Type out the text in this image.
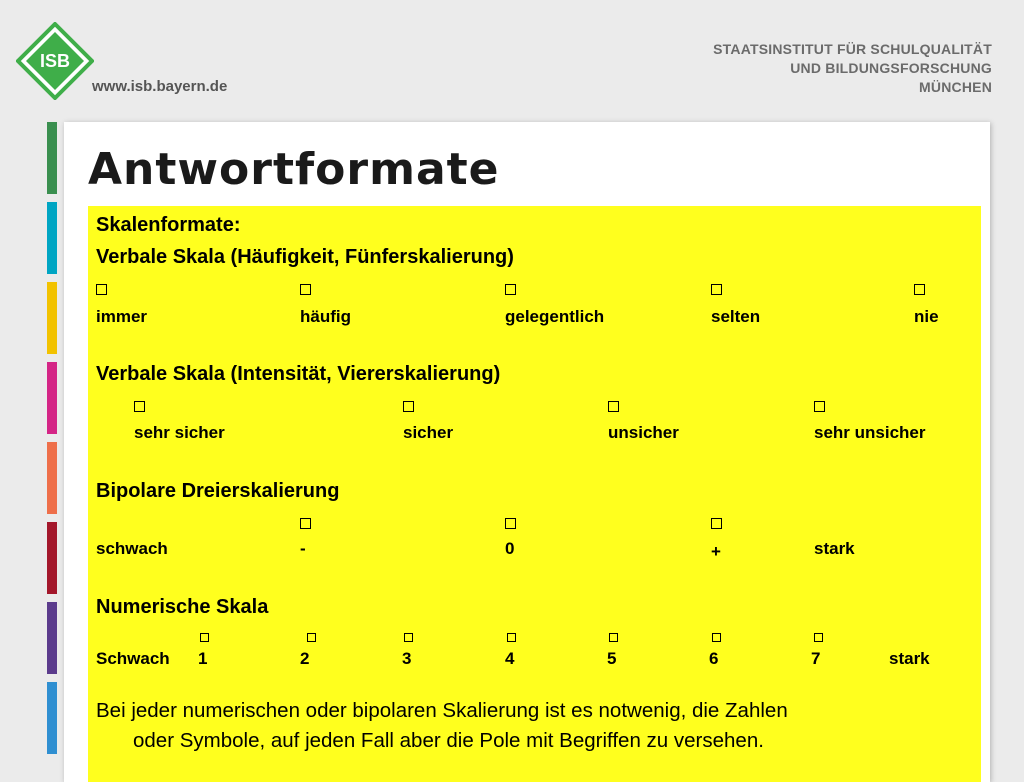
ISB
www.isb.bayern.de
STAATSINSTITUT FÜR SCHULQUALITÄT
UND BILDUNGSFORSCHUNG
MÜNCHEN
Antwortformate
Skalenformate:
Verbale Skala (Häufigkeit, Fünferskalierung)
immer	häufig	gelegentlich	selten	nie
Verbale Skala (Intensität, Viererskalierung)
sehr sicher	sicher	unsicher	sehr unsicher
Bipolare Dreierskalierung
schwach	-	0	+	stark
Numerische Skala
Schwach 1	2	3	4	5	6	7	stark
Bei jeder numerischen oder bipolaren Skalierung ist es notwenig, die Zahlen
oder Symbole, auf jeden Fall aber die Pole mit Begriffen zu versehen.
